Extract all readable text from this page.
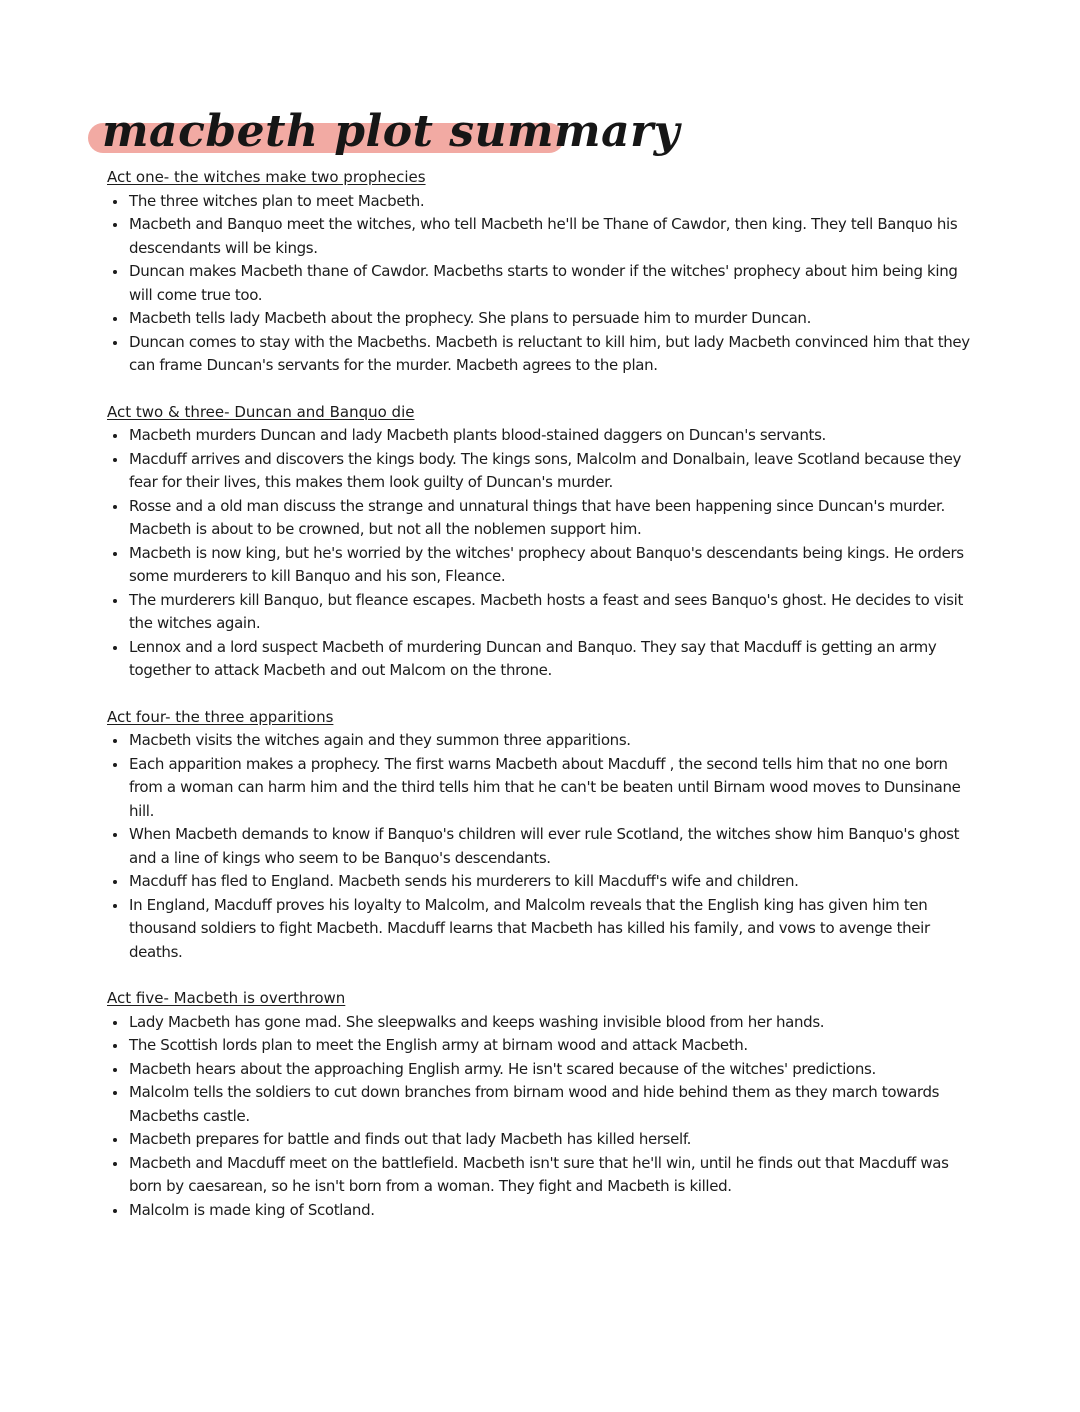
macbeth plot summary
Act one- the witches make two prophecies
The three witches plan to meet Macbeth.
Macbeth and Banquo meet the witches, who tell Macbeth he'll be Thane of Cawdor, then king. They tell Banquo his descendants will be kings.
Duncan makes Macbeth thane of Cawdor. Macbeths starts to wonder if the witches' prophecy about him being king will come true too.
Macbeth tells lady Macbeth about the prophecy. She plans to persuade him to murder Duncan.
Duncan comes to stay with the Macbeths. Macbeth is reluctant to kill him, but lady Macbeth convinced him that they can frame Duncan's servants for the murder. Macbeth agrees to the plan.
Act two & three- Duncan and Banquo die
Macbeth murders Duncan and lady Macbeth plants blood-stained daggers on Duncan's servants.
Macduff arrives and discovers the kings body. The kings sons, Malcolm and Donalbain, leave Scotland because they fear for their lives, this makes them look guilty of Duncan's murder.
Rosse and a old man discuss the strange and unnatural things that have been happening since Duncan's murder. Macbeth is about to be crowned, but not all the noblemen support him.
Macbeth is now king, but he's worried by the witches' prophecy about Banquo's descendants being kings. He orders some murderers to kill Banquo and his son, Fleance.
The murderers kill Banquo, but fleance escapes. Macbeth hosts a feast and sees Banquo's ghost. He decides to visit the witches again.
Lennox and a lord suspect Macbeth of murdering Duncan and Banquo. They say that Macduff is getting an army together to attack Macbeth and out Malcom on the throne.
Act four- the three apparitions
Macbeth visits the witches again and they summon three apparitions.
Each apparition makes a prophecy. The first warns Macbeth about Macduff , the second tells him that no one born from a woman can harm him and the third tells him that he can't be beaten until Birnam wood moves to Dunsinane hill.
When Macbeth demands to know if Banquo's children will ever rule Scotland, the witches show him Banquo's ghost and a line of kings who seem to be Banquo's descendants.
Macduff has fled to England. Macbeth sends his murderers to kill Macduff's wife and children.
In England, Macduff proves his loyalty to Malcolm, and Malcolm reveals that the English king has given him ten thousand soldiers to fight Macbeth. Macduff learns that Macbeth has killed his family, and vows to avenge their deaths.
Act five- Macbeth is overthrown
Lady Macbeth has gone mad. She sleepwalks and keeps washing invisible blood from her hands.
The Scottish lords plan to meet the English army at birnam wood and attack Macbeth.
Macbeth hears about the approaching English army. He isn't scared because of the witches' predictions.
Malcolm tells the soldiers to cut down branches from birnam wood and hide behind them as they march towards Macbeths castle.
Macbeth prepares for battle and finds out that lady Macbeth has killed herself.
Macbeth and Macduff meet on the battlefield. Macbeth isn't sure that he'll win, until he finds out that Macduff was born by caesarean, so he isn't born from a woman. They fight and Macbeth is killed.
Malcolm is made king of Scotland.
